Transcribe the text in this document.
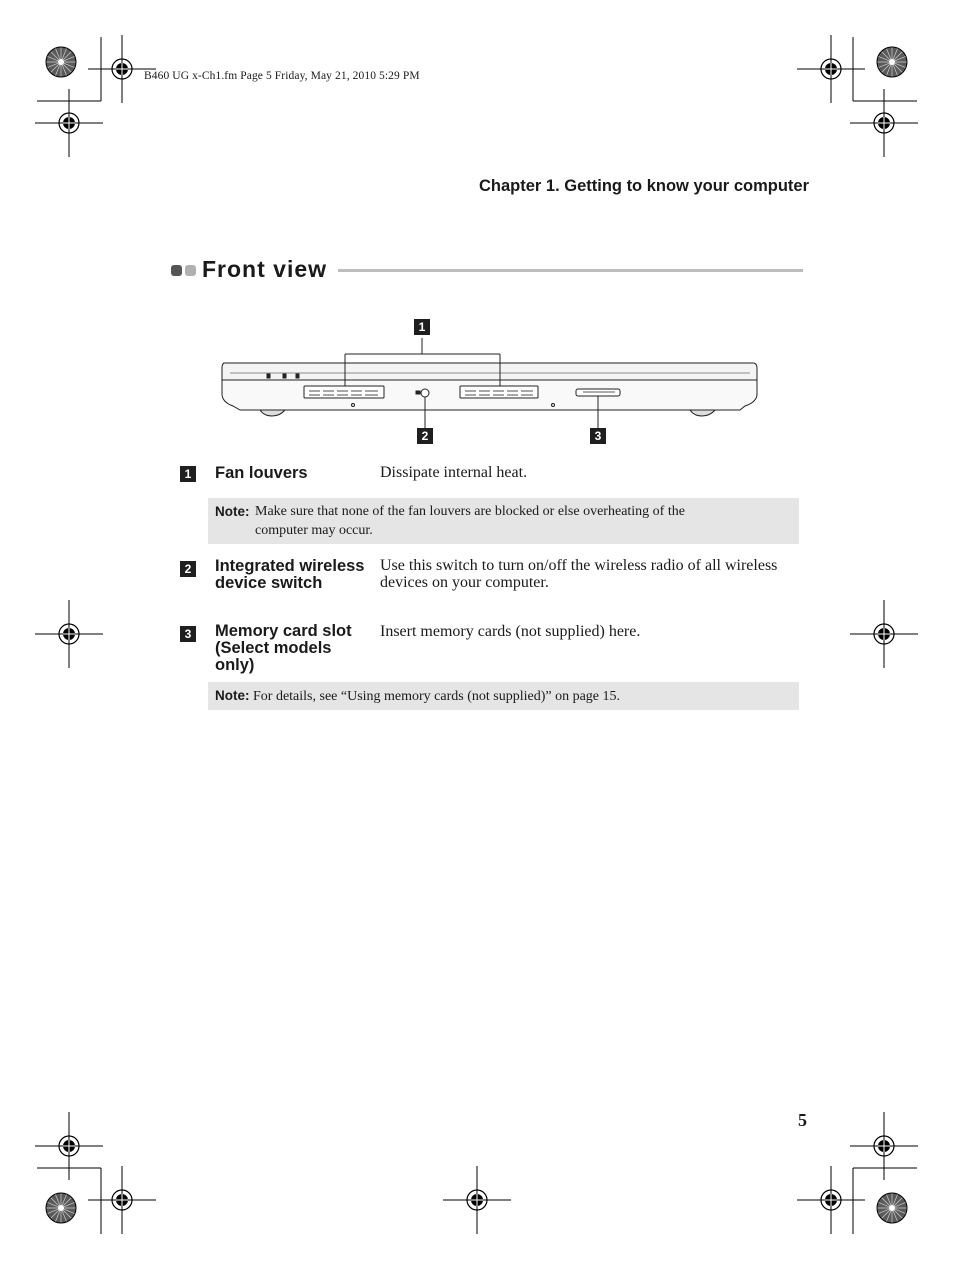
B460 UG x-Ch1.fm Page 5 Friday, May 21, 2010 5:29 PM
Chapter 1. Getting to know your computer
Front view
1
2	3
1 Fan louvers	Dissipate internal heat.
Note: Make sure that none of the fan louvers are blocked or else overheating of the computer may occur.
2 Integrated wireless device switch
Use this switch to turn on/off the wireless radio of all wireless devices on your computer.
3 Memory card slot (Select models only)
Insert memory cards (not supplied) here.
Note: For details, see “Using memory cards (not supplied)” on page 15.
5
